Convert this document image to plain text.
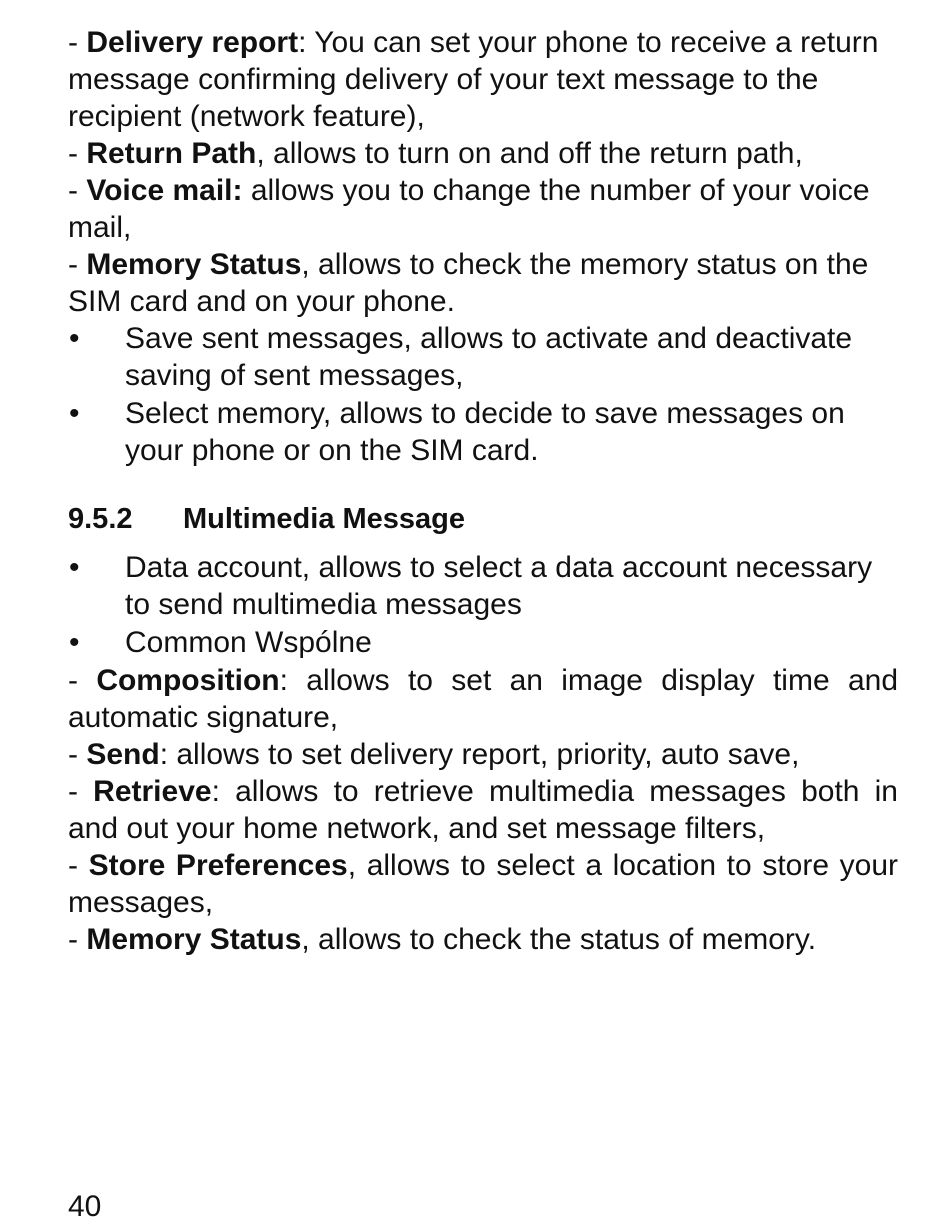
- Delivery report: You can set your phone to receive a return message confirming delivery of your text message to the recipient (network feature),

- Return Path, allows to turn on and off the return path,

- Voice mail: allows you to change the number of your voice mail,

- Memory Status, allows to check the memory status on the SIM card and on your phone.

•	Save sent messages, allows to activate and deactivate saving of sent messages,
•	Select memory, allows to decide to save messages on your phone or on the SIM card.
9.5.2 Multimedia Message
•	Data account, allows to select a data account necessary to send multimedia messages
•	Common Wspólne

- Composition: allows to set an image display time and automatic signature,

- Send: allows to set delivery report, priority, auto save,

- Retrieve: allows to retrieve multimedia messages both in and out your home network, and set message filters,

- Store Preferences, allows to select a location to store your messages,

- Memory Status, allows to check the status of memory.

40
